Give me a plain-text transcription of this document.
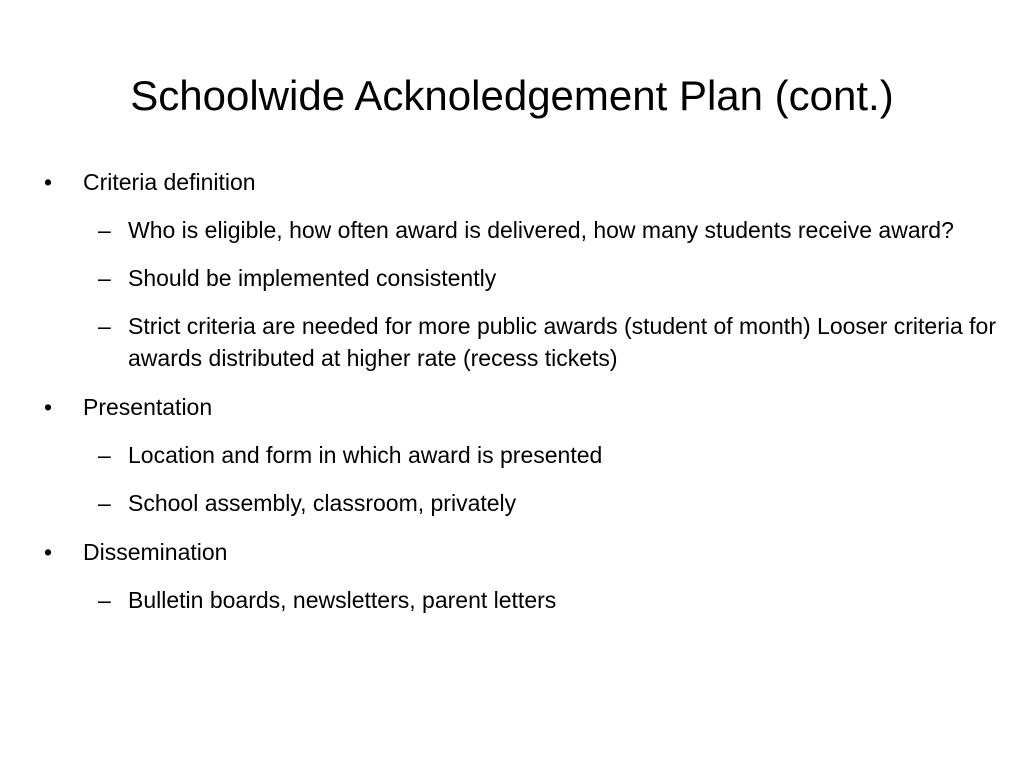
Schoolwide Acknoledgement Plan (cont.)

• Criteria definition

– Who is eligible, how often award is delivered, how many students receive award?

– Should be implemented consistently

– Strict criteria are needed for more public awards (student of month) Looser criteria for awards distributed at higher rate (recess tickets)

• Presentation

– Location and form in which award is presented

– School assembly, classroom, privately

• Dissemination

– Bulletin boards, newsletters, parent letters
